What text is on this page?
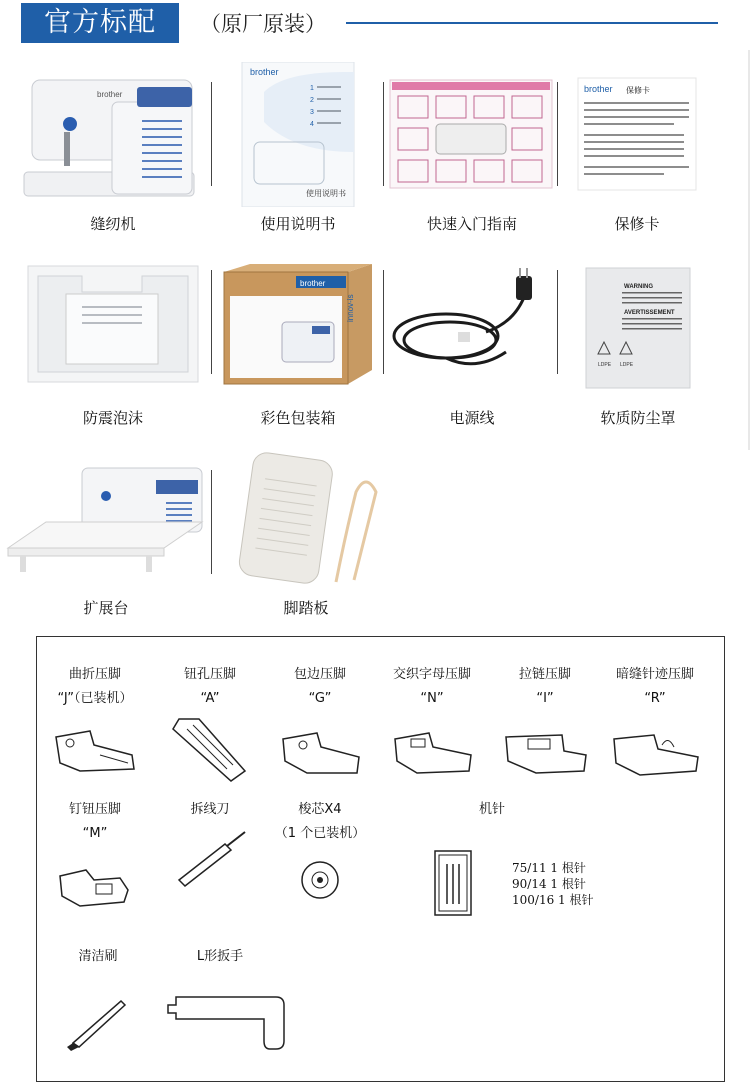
官方标配	（原厂原装）
brother
缝纫机
brother
1
2
3
4
使用说明书
使用说明书	快速入门指南
brother 保修卡
保修卡
防震泡沫
brother
innov-is
彩色包装箱	电源线
WARNING
AVERTISSEMENT
LDPE LDPE
软质防尘罩
扩展台	脚踏板
曲折压脚
“J”（已装机）
钮孔压脚
“A”
包边压脚
“G”
交织字母压脚
“N”
拉链压脚
“I”
暗缝针迹压脚
“R”
钉钮压脚
“M”
拆线刀	梭芯X4
（1 个已装机）
机针
75/11 1 根针
90/14 1 根针
100/16 1 根针
清洁刷	L形扳手
